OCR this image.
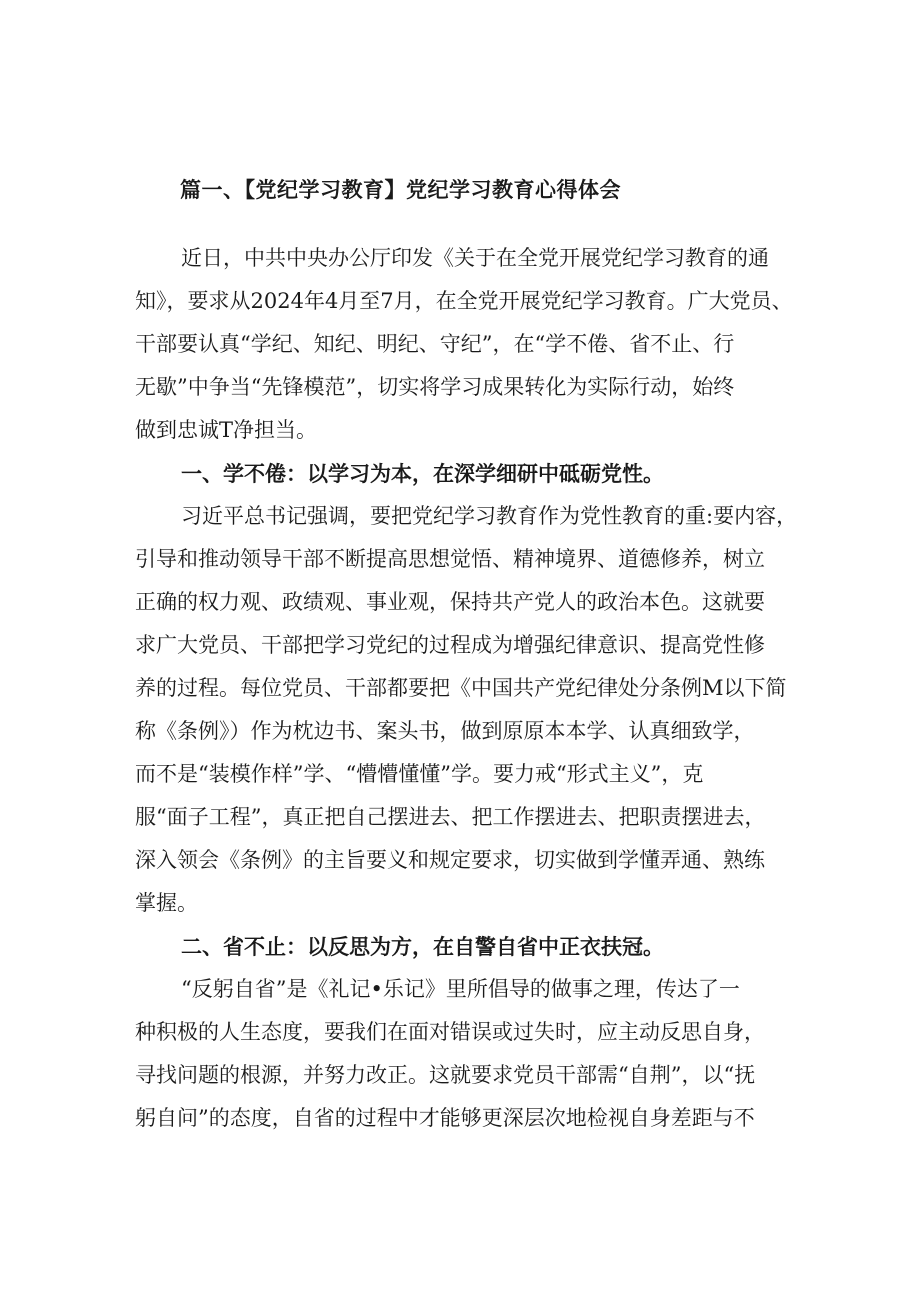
篇一、【党纪学习教育】党纪学习教育心得体会
近日，中共中央办公厅印发《关于在全党开展党纪学习教育的通
知》，要求从2024年4月至7月，在全党开展党纪学习教育。广大党员、
干部要认真“学纪、知纪、明纪、守纪”，在“学不倦、省不止、行
无歇”中争当“先锋模范”，切实将学习成果转化为实际行动，始终
做到忠诚T净担当。
一、学不倦：以学习为本，在深学细研中砥砺党性。
习近平总书记强调，要把党纪学习教育作为党性教育的重:要内容，
引导和推动领导干部不断提高思想觉悟、精神境界、道德修养，树立
正确的权力观、政绩观、事业观，保持共产党人的政治本色。这就要
求广大党员、干部把学习党纪的过程成为增强纪律意识、提高党性修
养的过程。每位党员、干部都要把《中国共产党纪律处分条例M以下简
称《条例》）作为枕边书、案头书，做到原原本本学、认真细致学，
而不是“装模作样”学、“懵懵懂懂”学。要力戒“形式主义”，克
服“面子工程”，真正把自己摆进去、把工作摆进去、把职责摆进去，
深入领会《条例》的主旨要义和规定要求，切实做到学懂弄通、熟练
掌握。
二、省不止：以反思为方，在自警自省中正衣扶冠。
“反躬自省”是《礼记•乐记》里所倡导的做事之理，传达了一
种积极的人生态度，要我们在面对错误或过失时，应主动反思自身，
寻找问题的根源，并努力改正。这就要求党员干部需“自荆”，以“抚
躬自问”的态度，自省的过程中才能够更深层次地检视自身差距与不
